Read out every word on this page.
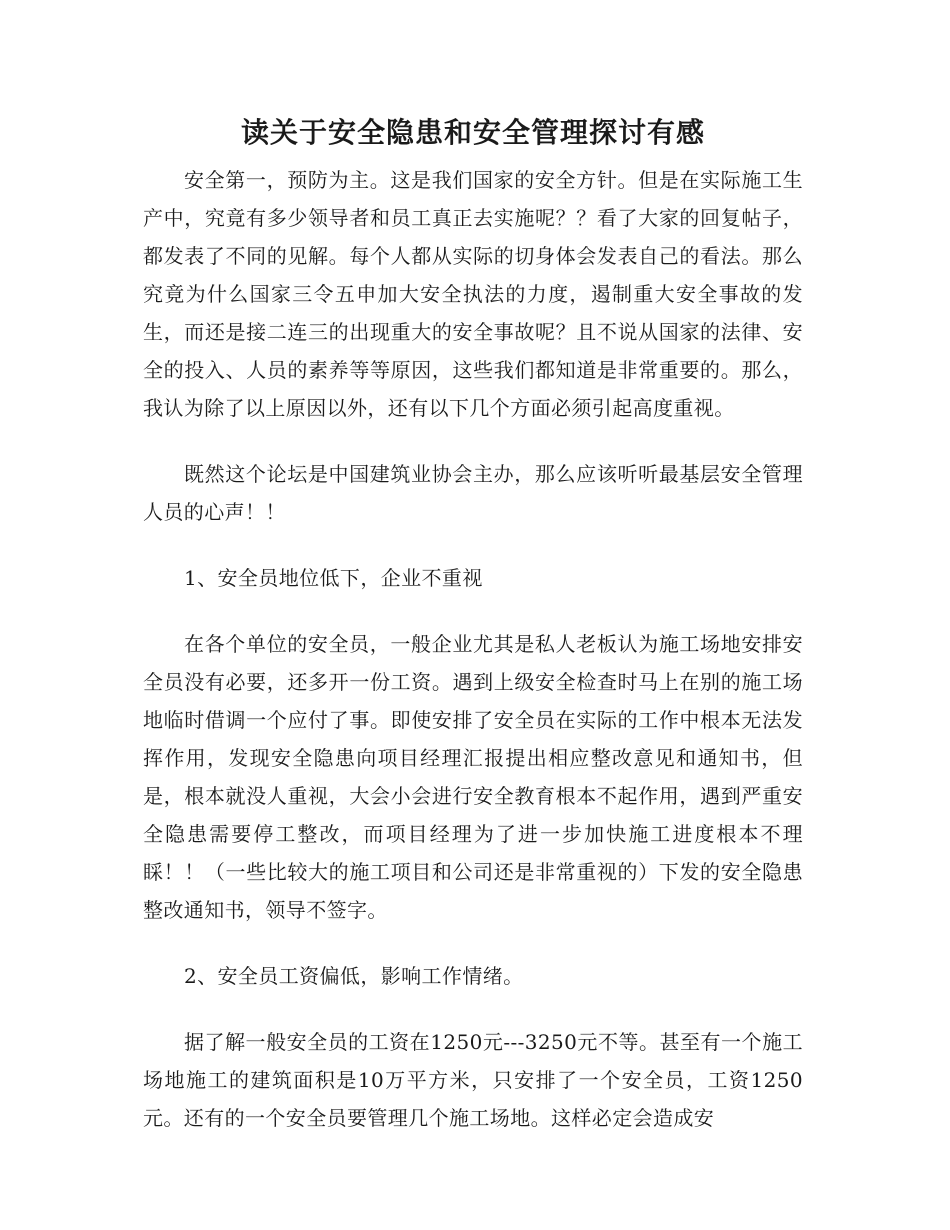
读关于安全隐患和安全管理探讨有感

安全第一，预防为主。这是我们国家的安全方针。但是在实际施工生产中，究竟有多少领导者和员工真正去实施呢？？看了大家的回复帖子，都发表了不同的见解。每个人都从实际的切身体会发表自己的看法。那么究竟为什么国家三令五申加大安全执法的力度，遏制重大安全事故的发生，而还是接二连三的出现重大的安全事故呢？且不说从国家的法律、安全的投入、人员的素养等等原因，这些我们都知道是非常重要的。那么，我认为除了以上原因以外，还有以下几个方面必须引起高度重视。

既然这个论坛是中国建筑业协会主办，那么应该听听最基层安全管理人员的心声！！

1、安全员地位低下，企业不重视

在各个单位的安全员，一般企业尤其是私人老板认为施工场地安排安全员没有必要，还多开一份工资。遇到上级安全检查时马上在别的施工场地临时借调一个应付了事。即使安排了安全员在实际的工作中根本无法发挥作用，发现安全隐患向项目经理汇报提出相应整改意见和通知书，但是，根本就没人重视，大会小会进行安全教育根本不起作用，遇到严重安全隐患需要停工整改，而项目经理为了进一步加快施工进度根本不理睬！！（一些比较大的施工项目和公司还是非常重视的）下发的安全隐患整改通知书，领导不签字。

2、安全员工资偏低，影响工作情绪。

据了解一般安全员的工资在1250元---3250元不等。甚至有一个施工场地施工的建筑面积是10万平方米，只安排了一个安全员，工资1250元。还有的一个安全员要管理几个施工场地。这样必定会造成安
